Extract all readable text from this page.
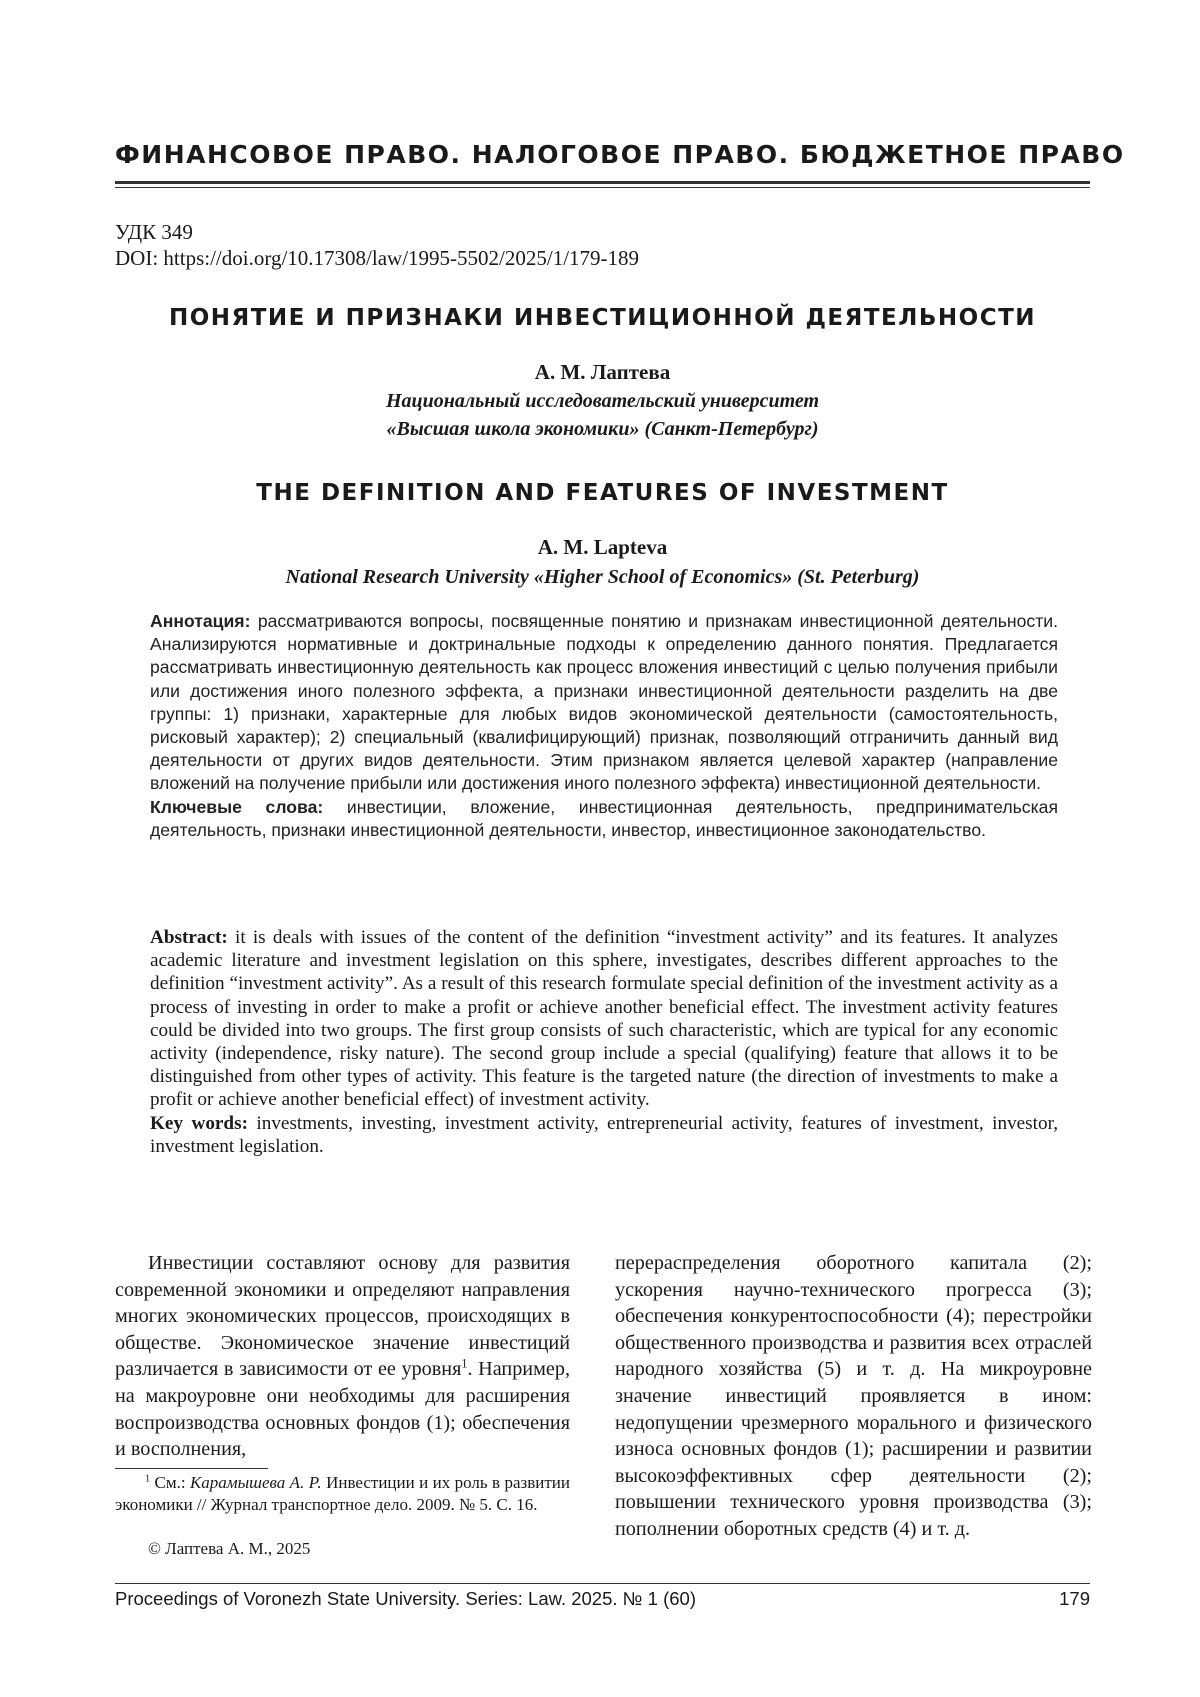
ФИНАНСОВОЕ ПРАВО. НАЛОГОВОЕ ПРАВО. БЮДЖЕТНОЕ ПРАВО
УДК 349
DOI: https://doi.org/10.17308/law/1995-5502/2025/1/179-189
ПОНЯТИЕ И ПРИЗНАКИ ИНВЕСТИЦИОННОЙ ДЕЯТЕЛЬНОСТИ
А. М. Лаптева
Национальный исследовательский университет
«Высшая школа экономики» (Санкт-Петербург)
THE DEFINITION AND FEATURES OF INVESTMENT
A. M. Lapteva
National Research University «Higher School of Economics» (St. Peterburg)

Аннотация: рассматриваются вопросы, посвященные понятию и признакам инвестиционной деятельности. Анализируются нормативные и доктринальные подходы к определению данного понятия. Предлагается рассматривать инвестиционную деятельность как процесс вложения инвестиций с целью получения прибыли или достижения иного полезного эффекта, а признаки инвестиционной деятельности разделить на две группы: 1) признаки, характерные для любых видов экономической деятельности (самостоятельность, рисковый характер); 2) специальный (квалифицирующий) признак, позволяющий отграничить данный вид деятельности от других видов деятельности. Этим признаком является целевой характер (направление вложений на получение прибыли или достижения иного полезного эффекта) инвестиционной деятельности.

Ключевые слова: инвестиции, вложение, инвестиционная деятельность, предпринимательская деятельность, признаки инвестиционной деятельности, инвестор, инвестиционное законода­тельство.

Abstract: it is deals with issues of the content of the definition “investment activity” and its features. It analyzes academic literature and investment legislation on this sphere, investigates, describes dif­ferent approaches to the definition “investment activity”. As a result of this research formulate special definition of the investment activity as a process of investing in order to make a profit or achieve an­other beneficial effect. The investment activity features could be divided into two groups. The first group consists of such characteristic, which are typical for any economic activity (independence, risky nature). The second group include a special (qualifying) feature that allows it to be distinguished from other types of activity. This feature is the targeted nature (the direction of investments to make a profit or achieve another beneficial effect) of investment activity.

Key words: investments, investing, investment activity, entrepreneurial activity, features of investment, investor, investment legislation.

Инвестиции составляют основу для развития современной экономики и определяют направ­ления многих экономических процессов, про­исходящих в обществе. Экономическое значе­ние инвестиций различается в зависимости от ее уровня1. Например, на макроуровне они не­обходимы для расширения воспроизводства ос­новных фондов (1); обеспечения и восполнения,

перераспределения оборотного капитала (2); ускорения научно-технического прогресса (3); обеспечения конкурентоспособности (4); пере­стройки общественного производства и разви­тия всех отраслей народного хозяйства (5) и т. д. На микроуровне значение инвестиций прояв­ляется в ином: недопущении чрезмерного мо­рального и физического износа основных фон­дов (1); расширении и развитии высокоэффек­тивных сфер деятельности (2); повышении тех­нического уровня производства (3); пополнении оборотных средств (4) и т. д.

1 См.: Карамышева А. Р. Инвестиции и их роль в развитии экономики // Журнал транспортное дело. 2009. № 5. С. 16.

© Лаптева А. М., 2025

Proceedings of Voronezh State University. Series: Law. 2025. № 1 (60)	179
